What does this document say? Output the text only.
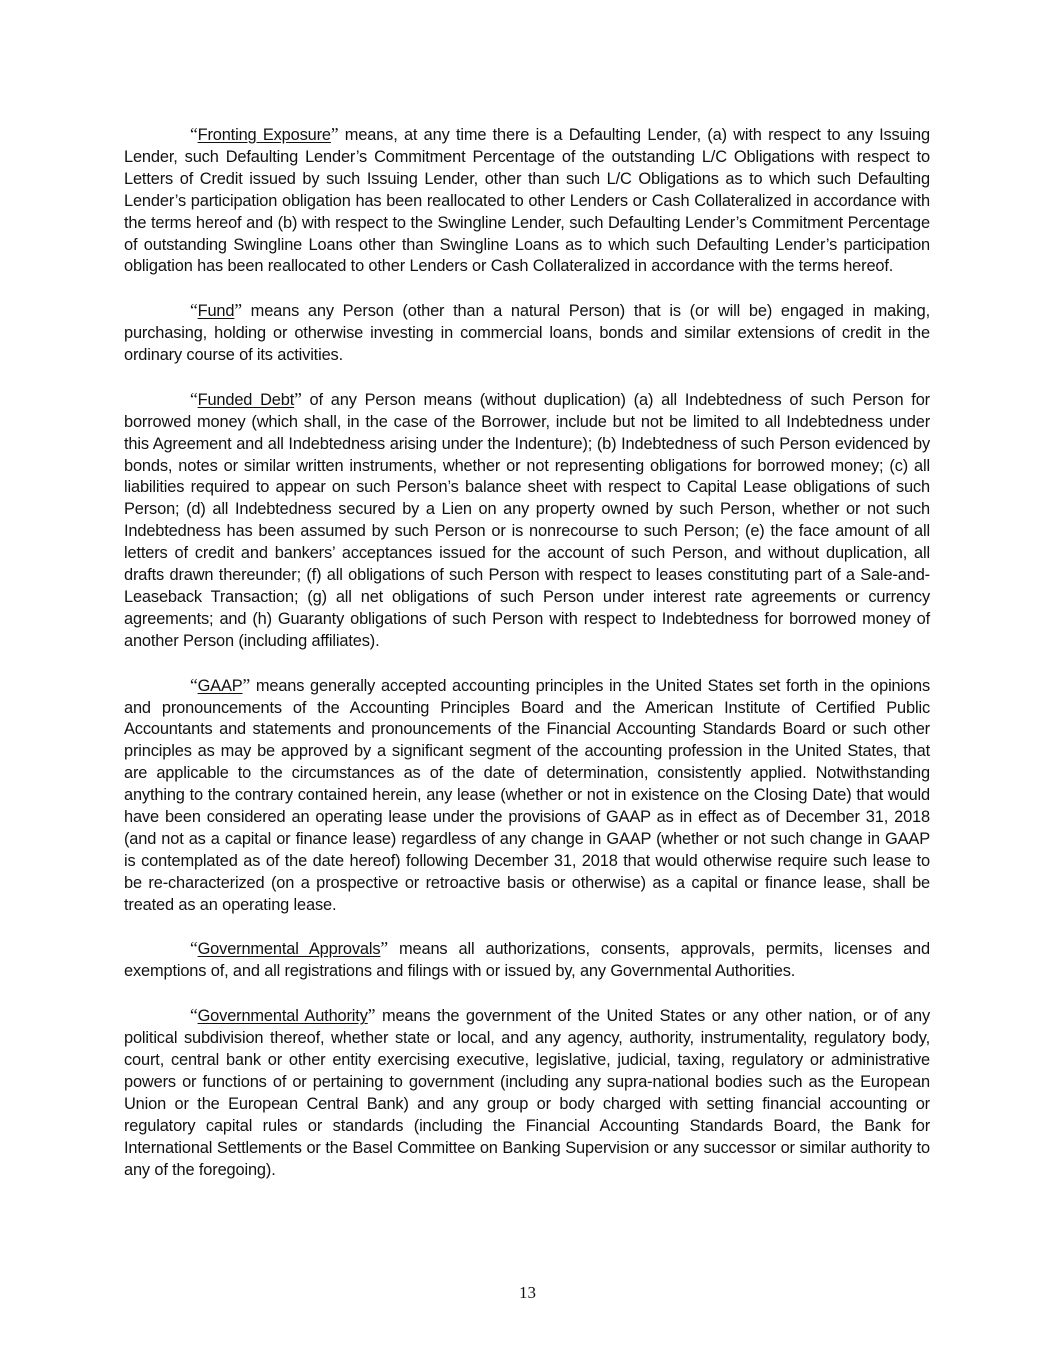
“Fronting Exposure” means, at any time there is a Defaulting Lender, (a) with respect to any Issuing Lender, such Defaulting Lender’s Commitment Percentage of the outstanding L/C Obligations with respect to Letters of Credit issued by such Issuing Lender, other than such L/C Obligations as to which such Defaulting Lender’s participation obligation has been reallocated to other Lenders or Cash Collateralized in accordance with the terms hereof and (b) with respect to the Swingline Lender, such Defaulting Lender’s Commitment Percentage of outstanding Swingline Loans other than Swingline Loans as to which such Defaulting Lender’s participation obligation has been reallocated to other Lenders or Cash Collateralized in accordance with the terms hereof.

“Fund” means any Person (other than a natural Person) that is (or will be) engaged in making, purchasing, holding or otherwise investing in commercial loans, bonds and similar extensions of credit in the ordinary course of its activities.

“Funded Debt” of any Person means (without duplication) (a) all Indebtedness of such Person for borrowed money (which shall, in the case of the Borrower, include but not be limited to all Indebtedness under this Agreement and all Indebtedness arising under the Indenture); (b) Indebtedness of such Person evidenced by bonds, notes or similar written instruments, whether or not representing obligations for borrowed money; (c) all liabilities required to appear on such Person’s balance sheet with respect to Capital Lease obligations of such Person; (d) all Indebtedness secured by a Lien on any property owned by such Person, whether or not such Indebtedness has been assumed by such Person or is nonrecourse to such Person; (e) the face amount of all letters of credit and bankers’ acceptances issued for the account of such Person, and without duplication, all drafts drawn thereunder; (f) all obligations of such Person with respect to leases constituting part of a Sale-and-Leaseback Transaction; (g) all net obligations of such Person under interest rate agreements or currency agreements; and (h) Guaranty obligations of such Person with respect to Indebtedness for borrowed money of another Person (including affiliates).

“GAAP” means generally accepted accounting principles in the United States set forth in the opinions and pronouncements of the Accounting Principles Board and the American Institute of Certified Public Accountants and statements and pronouncements of the Financial Accounting Standards Board or such other principles as may be approved by a significant segment of the accounting profession in the United States, that are applicable to the circumstances as of the date of determination, consistently applied. Notwithstanding anything to the contrary contained herein, any lease (whether or not in existence on the Closing Date) that would have been considered an operating lease under the provisions of GAAP as in effect as of December 31, 2018 (and not as a capital or finance lease) regardless of any change in GAAP (whether or not such change in GAAP is contemplated as of the date hereof) following December 31, 2018 that would otherwise require such lease to be re-characterized (on a prospective or retroactive basis or otherwise) as a capital or finance lease, shall be treated as an operating lease.

“Governmental Approvals” means all authorizations, consents, approvals, permits, licenses and exemptions of, and all registrations and filings with or issued by, any Governmental Authorities.

“Governmental Authority” means the government of the United States or any other nation, or of any political subdivision thereof, whether state or local, and any agency, authority, instrumentality, regulatory body, court, central bank or other entity exercising executive, legislative, judicial, taxing, regulatory or administrative powers or functions of or pertaining to government (including any supra-national bodies such as the European Union or the European Central Bank) and any group or body charged with setting financial accounting or regulatory capital rules or standards (including the Financial Accounting Standards Board, the Bank for International Settlements or the Basel Committee on Banking Supervision or any successor or similar authority to any of the foregoing).

13
